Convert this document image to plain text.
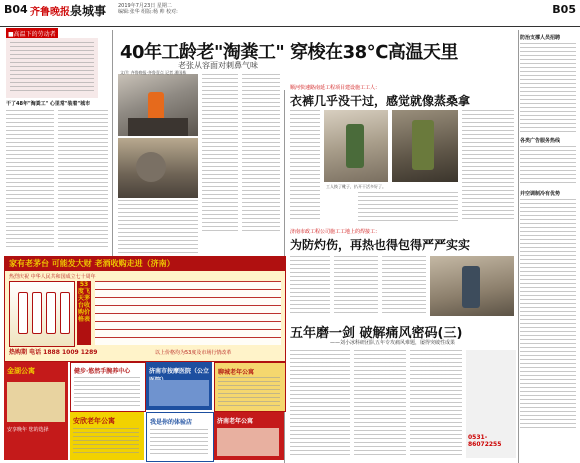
B04 齐鲁晚报 泉城事 2019年7月23日 星期二
编辑:张华 组版:杨 帅 校对:	B05
■高温下的劳动者
干了48年"淘粪工" 心里常"装着"城市
40年工龄老"淘粪工" 穿梭在38℃高温天里
老张从容面对刺鼻气味
文/片 齐鲁晚报·齐鲁壹点 记者 潘国栋
顺河快速路南延工程项目建设施工工人：
衣裤几乎没干过，感觉就像蒸桑拿
工人换了靴子，扒开干活多好了。
济南市政工程公司施工工地上的焊接工：
为防灼伤，再热也得包得严严实实
五年磨一剑 破解痛风密码(三)
——刘小冰科研团队五年专攻痛风难题，屡得突破性成果
0531-86072255
家有老茅台 可能发大财 老酒收购走进（济南）
热烈庆祝 中华人民共和国成立七十周年
53度飞天茅台收购价格表
热购期 电话 1888 1009 1289	以上价格均为53度及市场行情改革
金湖公寓
安享晚年 您的选择
健步·悠然手腕养中心	济南市按摩医院（公立	聊城老年公寓
安欣老年公寓	我是你的体验店	济南老年公寓
防治支撑人员招聘
各类广告服务热线
并空调制冷有优势
